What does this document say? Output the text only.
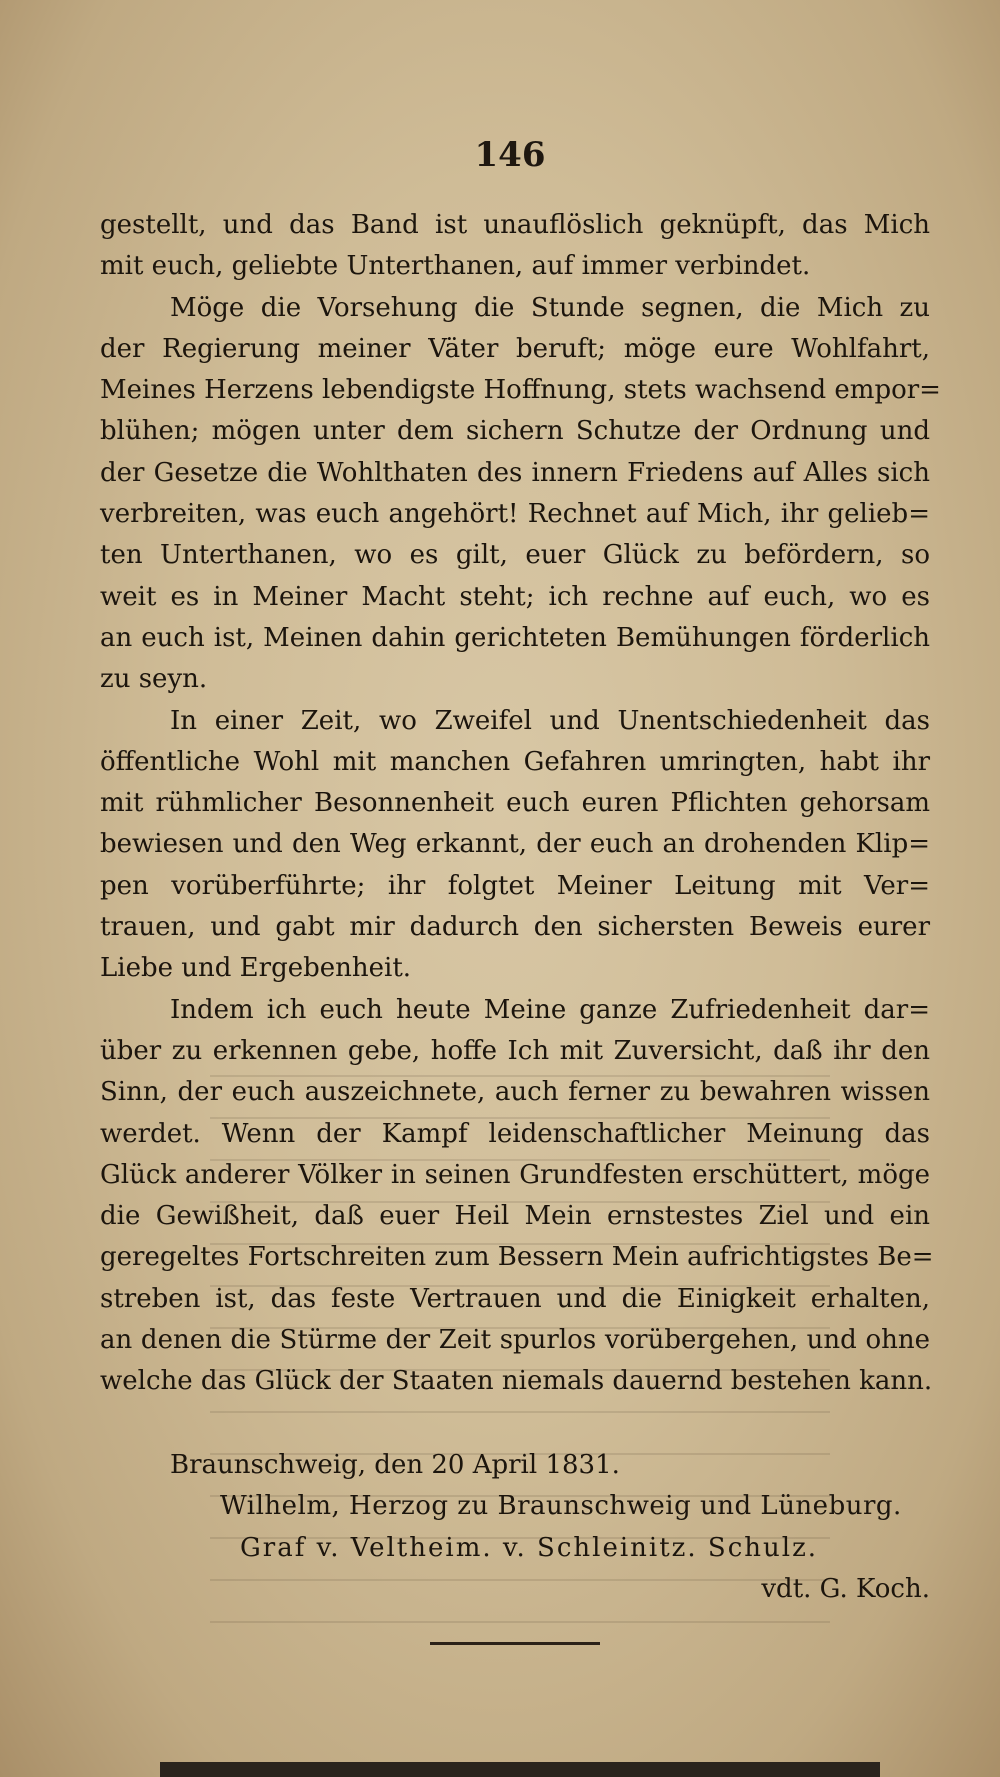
146

gestellt, und das Band ist unauflöslich geknüpft, das Mich
mit euch, geliebte Unterthanen, auf immer verbindet.

Möge die Vorsehung die Stunde segnen, die Mich zu
der Regierung meiner Väter beruft; möge eure Wohlfahrt,
Meines Herzens lebendigste Hoffnung, stets wachsend empor=
blühen; mögen unter dem sichern Schutze der Ordnung und
der Gesetze die Wohlthaten des innern Friedens auf Alles sich
verbreiten, was euch angehört! Rechnet auf Mich, ihr gelieb=
ten Unterthanen, wo es gilt, euer Glück zu befördern, so
weit es in Meiner Macht steht; ich rechne auf euch, wo es
an euch ist, Meinen dahin gerichteten Bemühungen förderlich
zu seyn.

In einer Zeit, wo Zweifel und Unentschiedenheit das
öffentliche Wohl mit manchen Gefahren umringten, habt ihr
mit rühmlicher Besonnenheit euch euren Pflichten gehorsam
bewiesen und den Weg erkannt, der euch an drohenden Klip=
pen vorüberführte; ihr folgtet Meiner Leitung mit Ver=
trauen, und gabt mir dadurch den sichersten Beweis eurer
Liebe und Ergebenheit.

Indem ich euch heute Meine ganze Zufriedenheit dar=
über zu erkennen gebe, hoffe Ich mit Zuversicht, daß ihr den
Sinn, der euch auszeichnete, auch ferner zu bewahren wissen
werdet. Wenn der Kampf leidenschaftlicher Meinung das
Glück anderer Völker in seinen Grundfesten erschüttert, möge
die Gewißheit, daß euer Heil Mein ernstestes Ziel und ein
geregeltes Fortschreiten zum Bessern Mein aufrichtigstes Be=
streben ist, das feste Vertrauen und die Einigkeit erhalten,
an denen die Stürme der Zeit spurlos vorübergehen, und ohne
welche das Glück der Staaten niemals dauernd bestehen kann.

Braunschweig, den 20 April 1831.
Wilhelm, Herzog zu Braunschweig und Lüneburg.
Graf v. Veltheim. v. Schleinitz. Schulz.
vdt. G. Koch.
